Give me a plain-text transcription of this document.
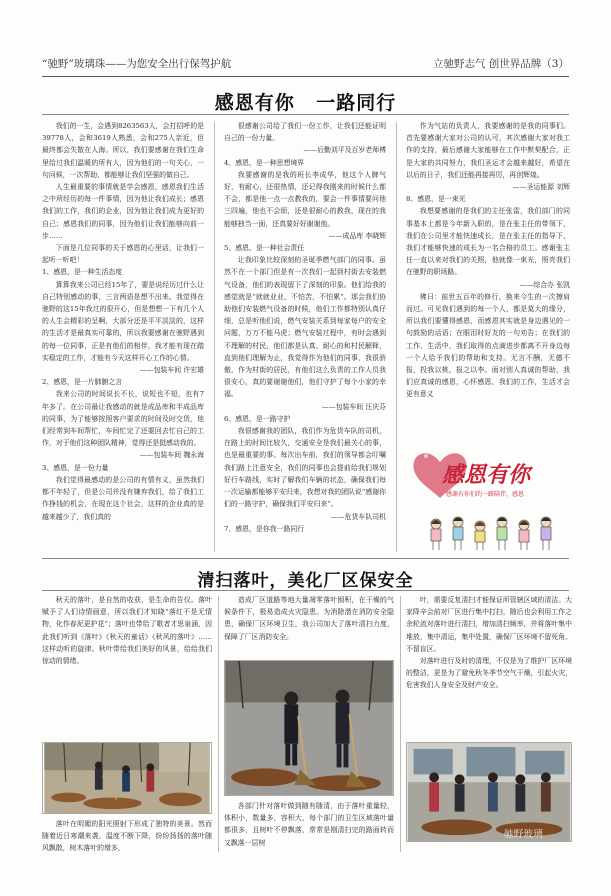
“驰野”玻璃珠——为您安全出行保驾护航	立驰野志气 创世界品牌（3）
感恩有你 一路同行

我们的一生，会遇到8263563人，会打招呼的是39778人，会和3619人熟悉，会和275人亲近，但最终都会失散在人海。所以，我们要感谢在我们生命里给过我们温暖的所有人，因为他们的一句关心，一句问候，一次帮助，都能够让我们坚强的做自己。

人生最重要的事情就是学会感恩，感恩我们生活之中所经历的每一件事情，因为他让我们成长；感恩我们的工作，我们的企业，因为他让我们成为更好的自己；感恩我们的同事，因为他们让我们能够向前一步……

下面是几位同事的关于感恩的心里话，让我们一起听一听吧！

1、感恩，是一种生活态度

算算我来公司已经15年了，要是说经历过什么让自己特别感动的事，三言两语是想不出来。我觉得在驰野的这15年我过的很开心，但是想想一下有几个人的人生会精彩的呈啊，大部分还是平平淡淡的，这样的生活才是最真实可靠的，所以我要感谢在驰野遇到的每一位同事，正是有他们的相伴，我才能有现在踏实稳定的工作，才能有今天这样开心工作的心情。

——包装车间 许宏雄

2、感恩，是一片肺腑之言

我来公司的时间说长不长，说短也不短，也有7年多了。在公司最让我感动的就是成品库和半成品库的同事，为了能够按照客户要求的时间及时交货，他们经常到车间帮忙，车间忙完了还要回去忙自己的工作，对于他们这种团队精神，觉得还是挺感动我的。

——包装车间 魏永海

3、感恩，是一份力量

我们觉得最感动的是公司的有情有义，虽然我们都不年轻了，但是公司并没有嫌弃我们，给了我们工作挣钱的机会，在现在这个社会，这样的企业真的是越来越少了，我们真的

很感谢公司给了我们一份工作，让我们还能证明自己的一份力量。

——后勤刘平及百岁老师傅

4、感恩，是一种思想境界

我要感谢的是我的班长李成华，他这个人脾气好，有耐心，还很热情，还记得我刚来的时候什么都不会，都是他一点一点教我的，要会一件事情要问他三四遍，他也不会烦，还是很耐心的教我，现在的我能够独当一面，还真要好好谢谢他。

——成品库 李晓辉

5、感恩，是一种社会责任

让我印象比较深刻的圣诞季燃气部门的同事。虽然不在一个部门但是有一次我们一起到村街去安装燃气设备，他们的表现留下了深刻的印象。他们给我的感觉就是“就就业业，不怕苦，不怕累”。那会我们协助他们安装燃气设备的时候，他们工作都特别认真仔细，总是听他们说，燃气安装关系到每家每户的安全问题，万万不能马虎；燃气安装过程中，有时会遇到不理解的村民，他们都是认真、耐心的和村民解释，直到他们理解为止，我觉得作为他们的同事，我很骄傲，作为村街的居民，有他们这么负责的工作人员我很安心，真的要谢谢他们，他们守护了每个小家的幸福。

——包装车间 汪庆芬

6、感恩，是一路守护

我很感谢我的团队，我们作为危货车队的司机，在路上的时间比较久，交通安全是我们最关心的事，也是最重要的事。每次出车前，我们的领导都会叮嘱我们路上注意安全，我们的同事也会提前给我们规划好行车路线，实时了解我们车辆的状态，确保我们每一次运输都能够平安归来，我想对我的团队说“感谢你们的一路守护，确保我们平安归来”。

——危货车队司机

7、感恩，是你我一路同行

作为气站的负责人，我要感谢的是我的同事们。首先要感谢大家对公司的认可，其次感谢大家对我工作的支持，最后感谢大家能够在工作中默契配合，正是大家的共同努力，我们圣运才会越来越好，希望在以后的日子，我们还能再接再厉，再创辉煌。

——圣运能源 刘辉

8、感恩，是一束光

我想要感谢的是我们的主任张雷，我们部门的同事基本上都是今年新入职的，是在张主任的带领下，我们在公司里才能快速成长，是在张主任的指导下，我们才能够快速的成长为一名合格的员工。感谢张主任一直以来对我们的关照，他就像一束光，照亮我们在驰野的职场路。

——综合办 张凯

佛曰：前世五百年的修行，换来今生的一次擦肩而过。可见我们遇到的每一个人，都是莫大的缘分，所以我们要懂得感恩，而感恩其实就是身边遇见的一句鼓励的话语；在眼泪时好友的一句劝告；在我们的工作、生活中，我们取得的点滴进步都离不开身边每一个人给予我们的帮助和支持。无言不酬，无德不报，投我以桃，报之以李。面对别人真诚的帮助，我们应真诚的感恩，心怀感恩，我们的工作，生活才会更有意义

感恩有你
感谢有你们的一路陪伴，感恩
清扫落叶，美化厂区保安全

秋天的落叶，是自然的收获，是生命的告仪。落叶赋予了人们诗情画意，所以我们才知晓“落红不是无情物，化作春泥更护花”；落叶也带给了歌者才思泉涌，因此我们听到《落叶》《秋天的童话》《秋风的落叶》……这样动听的旋律。秋叶带给我们美好的风景，给给我们惊动的情绪。

造成厂区道路等地大量凋零落叶囤积，在干燥的气候条件下，极易造成火灾隐患。为消除潜在消防安全隐患，确保厂区环境卫生，我公司加大了落叶清扫力度，保障了厂区消防安全。

叶，需要反复清扫才能保证所管辖区域的清洁。大家降辛会前对厂区进行集中打扫，随后也会利用工作之余轮流对落叶进行清扫，增加清扫频率，并将落叶集中堆放，集中清运，集中处置，确保厂区环境不留死角、不留盲区。

对落叶进行及时的清理，不仅是为了维护厂区环境的整洁，更是为了避免秋冬季节空气干燥，引起火灾，危害我们人身安全及财产安全。

落叶在明媚的阳光照射下形成了独特的美景。然而随着近日寒潮来袭，温度不断下降，纷纷扬扬的落叶随风飘散，树木落叶的增多，

各部门针对落叶做到随有随清，由于落叶重量轻，体积小，数量多，容积大，每个部门的卫生区域落叶量都很多，且树叶不停飘落，常常是刚清扫完的路面转而又飘落一层树

驰野玻璃
